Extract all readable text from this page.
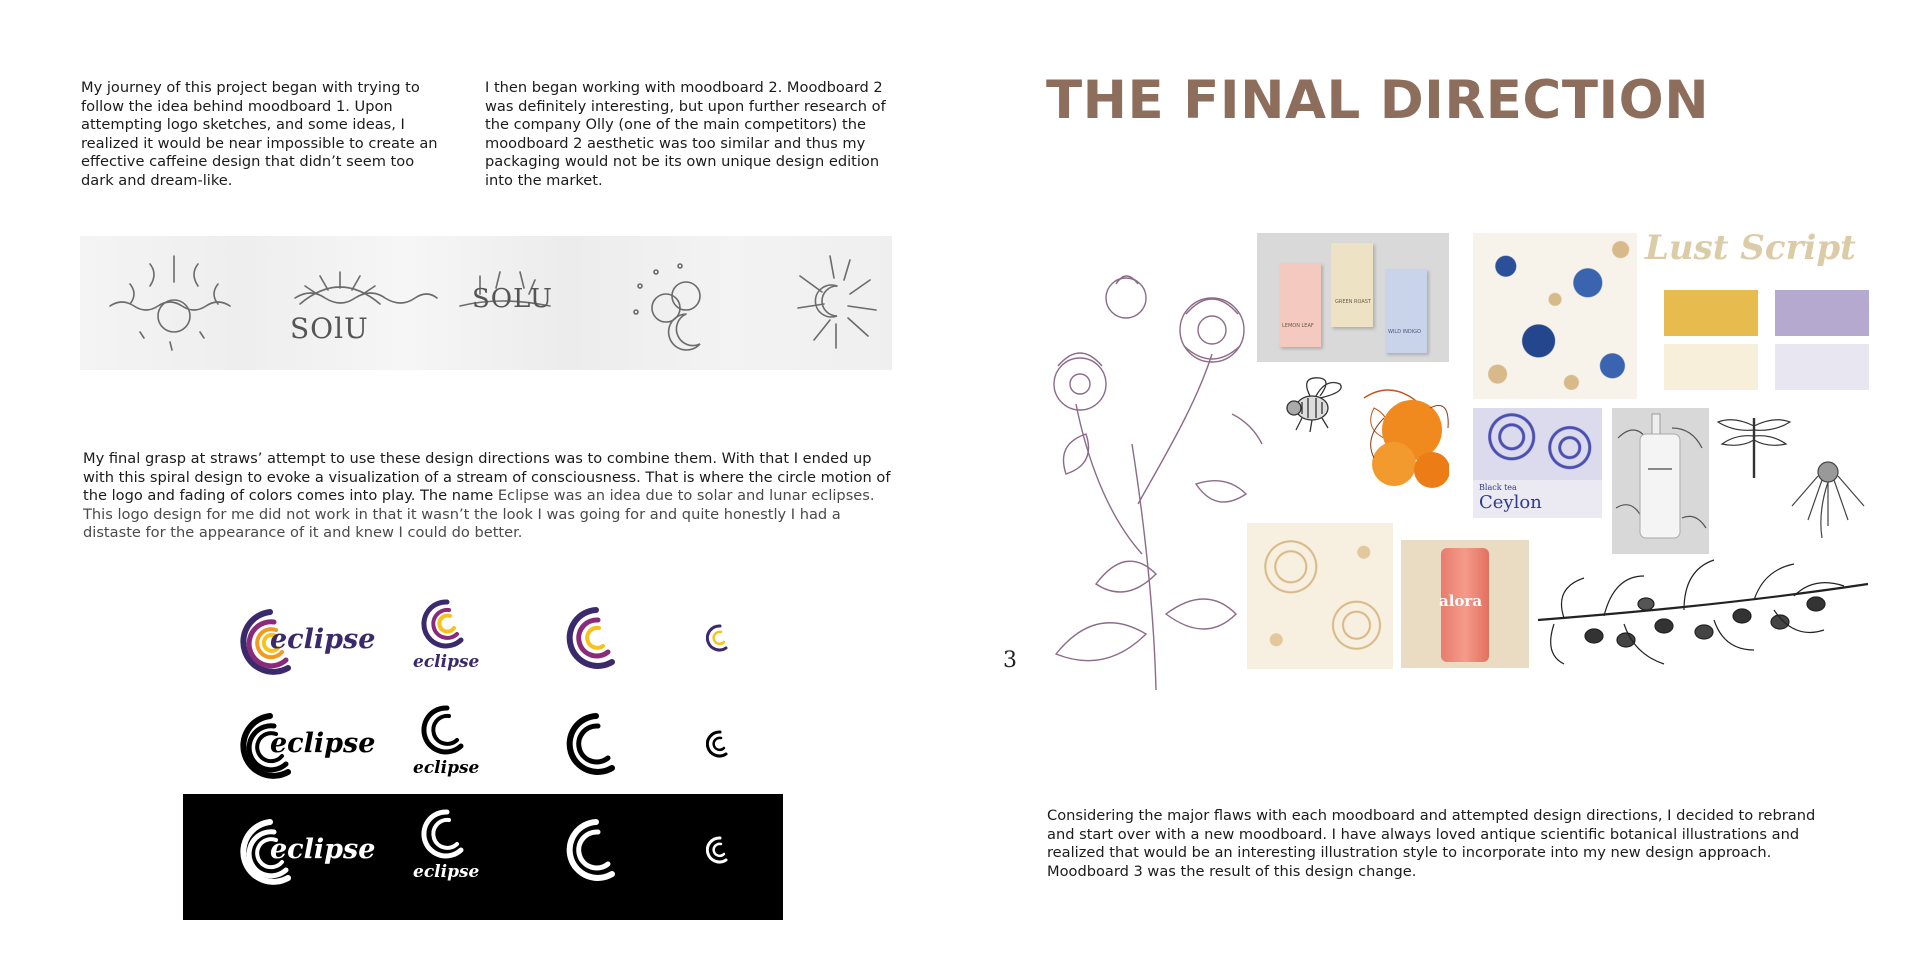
My journey of this project began with trying to follow the idea behind moodboard 1. Upon attempting logo sketches, and some ideas, I realized it would be near impossible to create an effective caffeine design that didn’t seem too dark and dream-like.
I then began working with moodboard 2. Moodboard 2 was definitely interesting, but upon further research of the company Olly (one of the main competitors) the moodboard 2 aesthetic was too similar and thus my packaging would not be its own unique design edition into the market.
SOlU
SOLU
My final grasp at straws’ attempt to use these design directions was to combine them. With that I ended up with this spiral design to evoke a visualization of a stream of consciousness. That is where the circle motion of the logo and fading of colors comes into play. The name Eclipse was an idea due to solar and lunar eclipses. This logo design for me did not work in that it wasn’t the look I was going for and quite honestly I had a distaste for the appearance of it and knew I could do better.
eclipse
eclipse
eclipse
eclipse
eclipse
eclipse
3
THE FINAL DIRECTION
LEMON LEAF
GREEN ROAST
WILD INDIGO
Lust Script
Black tea
Ceylon
alora
Considering the major flaws with each moodboard and attempted design directions, I decided to rebrand and start over with a new moodboard. I have always loved antique scientific botanical illustrations and realized that would be an interesting illustration style to incorporate into my new design approach. Moodboard 3 was the result of this design change.
